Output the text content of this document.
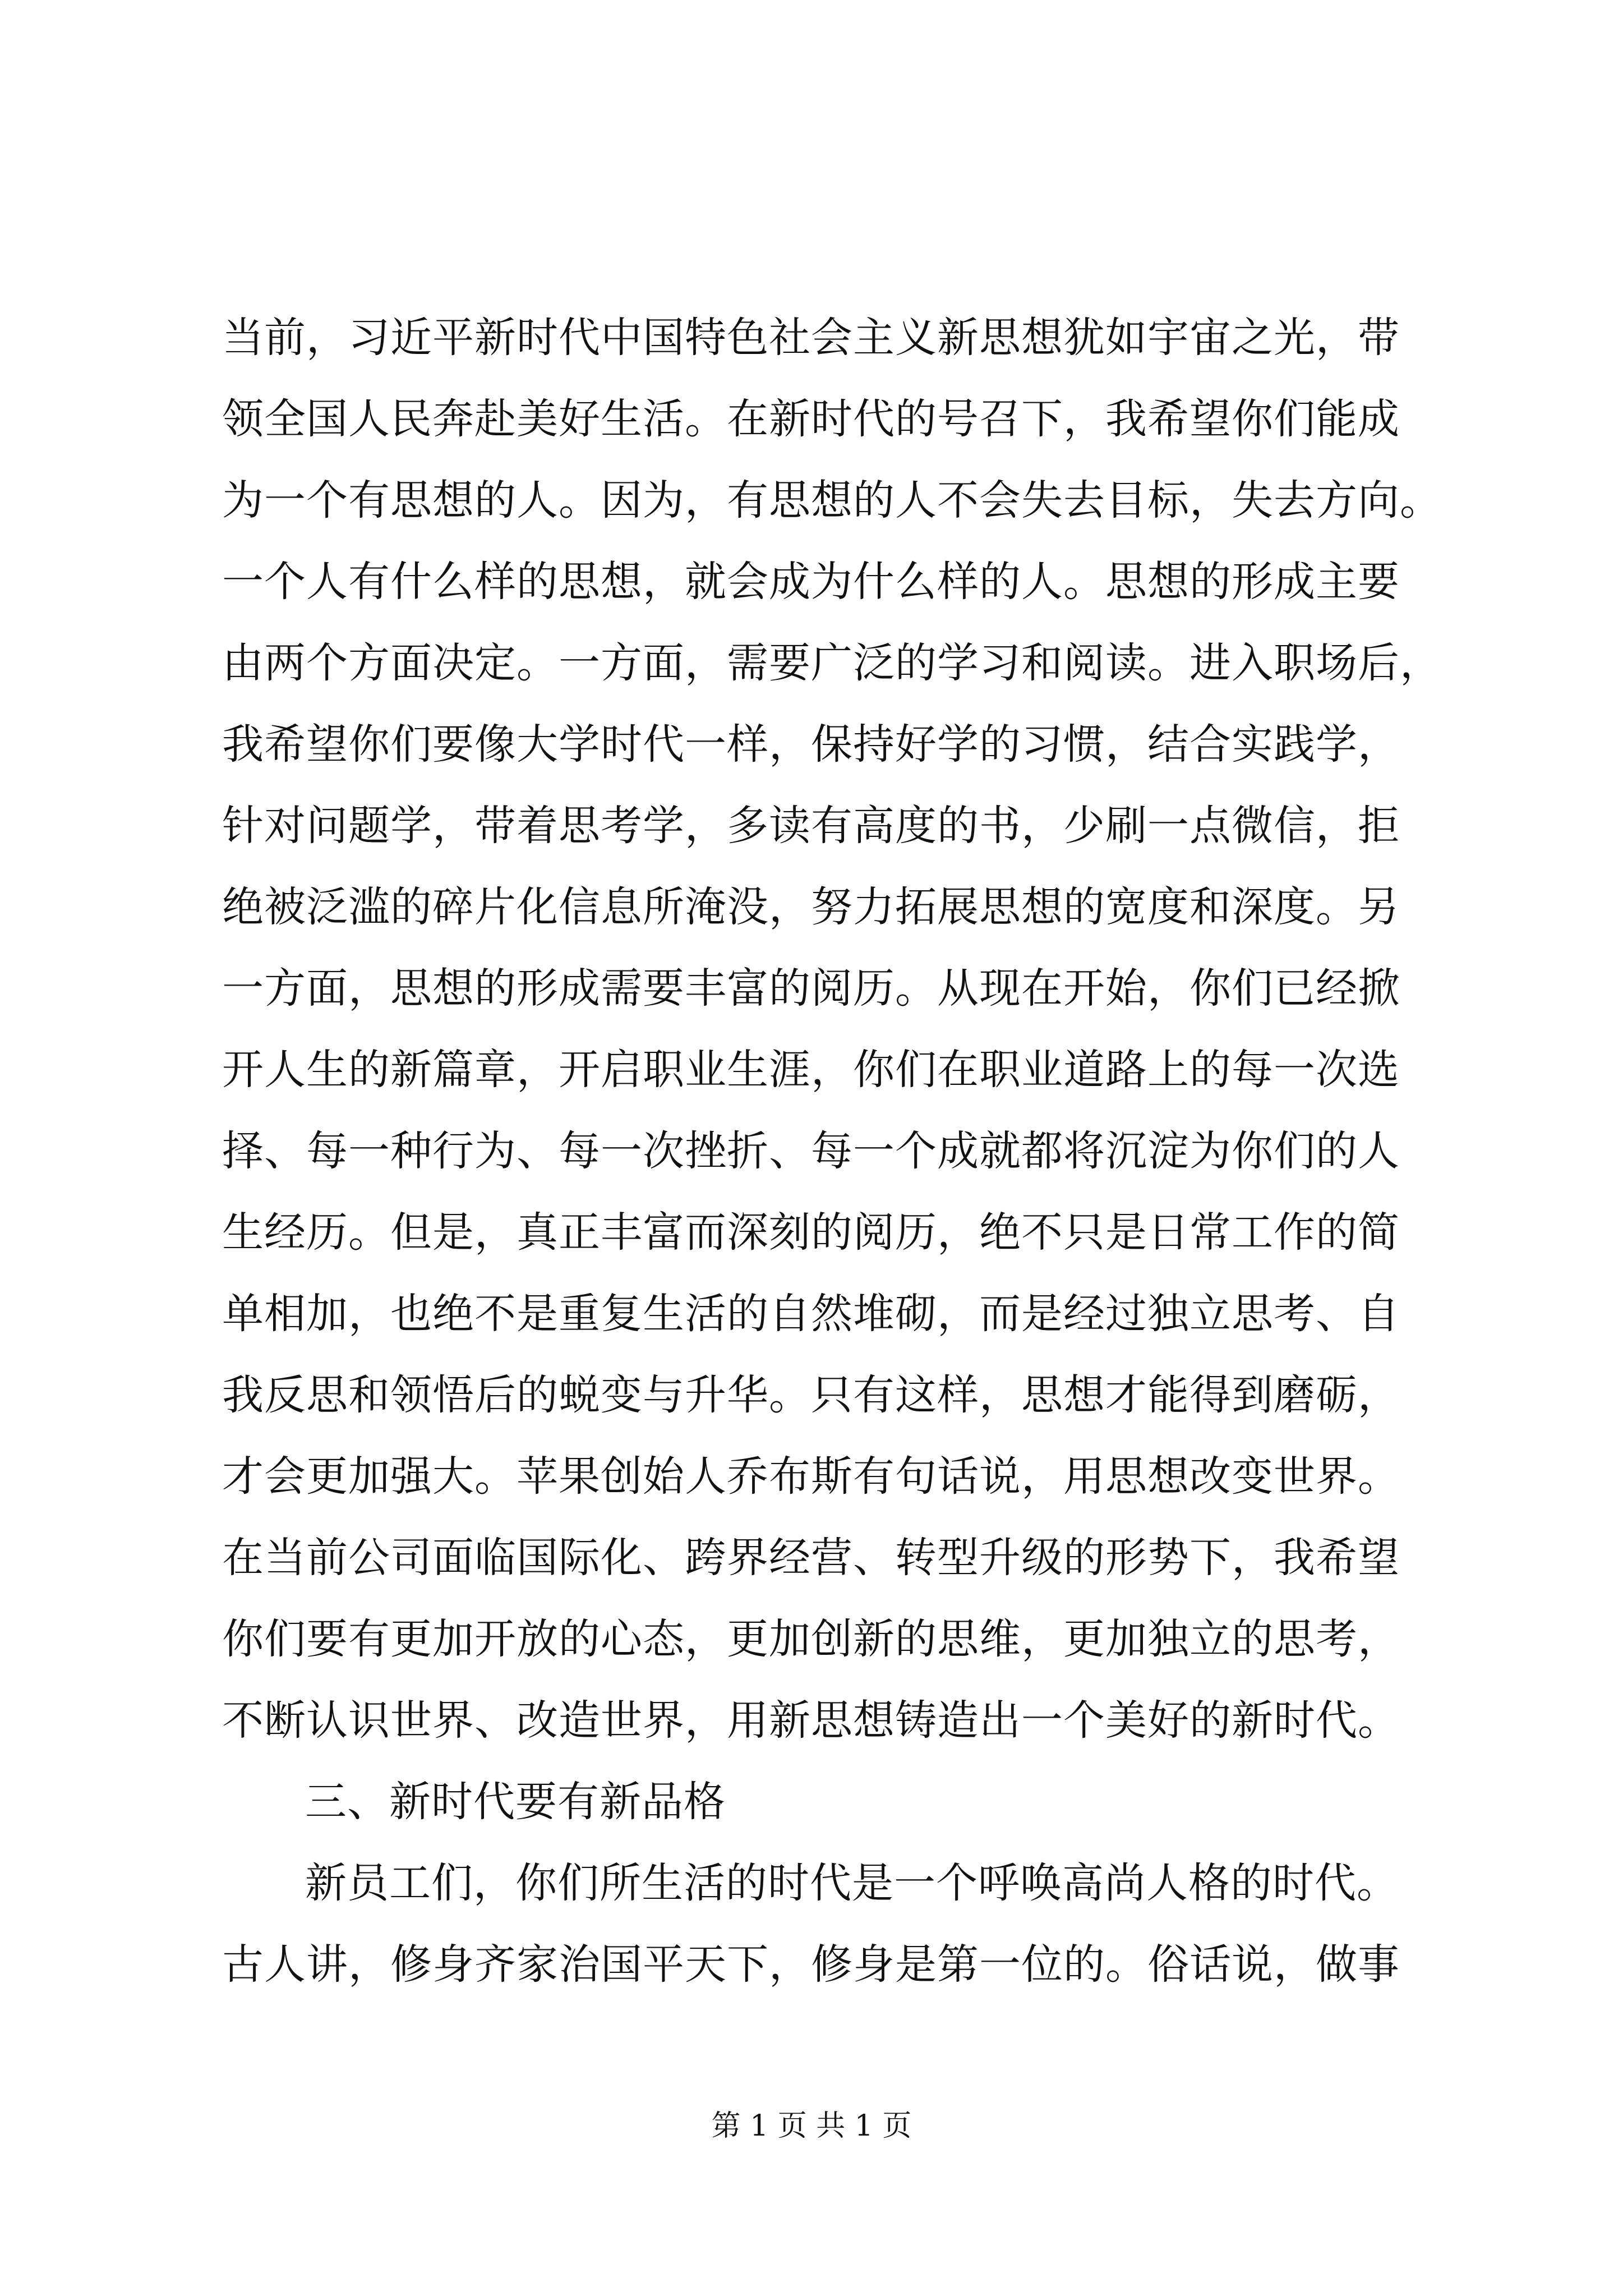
当前，习近平新时代中国特色社会主义新思想犹如宇宙之光，带
领全国人民奔赴美好生活。在新时代的号召下，我希望你们能成
为一个有思想的人。因为，有思想的人不会失去目标，失去方向。
一个人有什么样的思想，就会成为什么样的人。思想的形成主要
由两个方面决定。一方面，需要广泛的学习和阅读。进入职场后，
我希望你们要像大学时代一样，保持好学的习惯，结合实践学，
针对问题学，带着思考学，多读有高度的书，少刷一点微信，拒
绝被泛滥的碎片化信息所淹没，努力拓展思想的宽度和深度。另
一方面，思想的形成需要丰富的阅历。从现在开始，你们已经掀
开人生的新篇章，开启职业生涯，你们在职业道路上的每一次选
择、每一种行为、每一次挫折、每一个成就都将沉淀为你们的人
生经历。但是，真正丰富而深刻的阅历，绝不只是日常工作的简
单相加，也绝不是重复生活的自然堆砌，而是经过独立思考、自
我反思和领悟后的蜕变与升华。只有这样，思想才能得到磨砺，
才会更加强大。苹果创始人乔布斯有句话说，用思想改变世界。
在当前公司面临国际化、跨界经营、转型升级的形势下，我希望
你们要有更加开放的心态，更加创新的思维，更加独立的思考，
不断认识世界、改造世界，用新思想铸造出一个美好的新时代。
三、新时代要有新品格
新员工们，你们所生活的时代是一个呼唤高尚人格的时代。
古人讲，修身齐家治国平天下，修身是第一位的。俗话说，做事
第 1 页 共 1 页
